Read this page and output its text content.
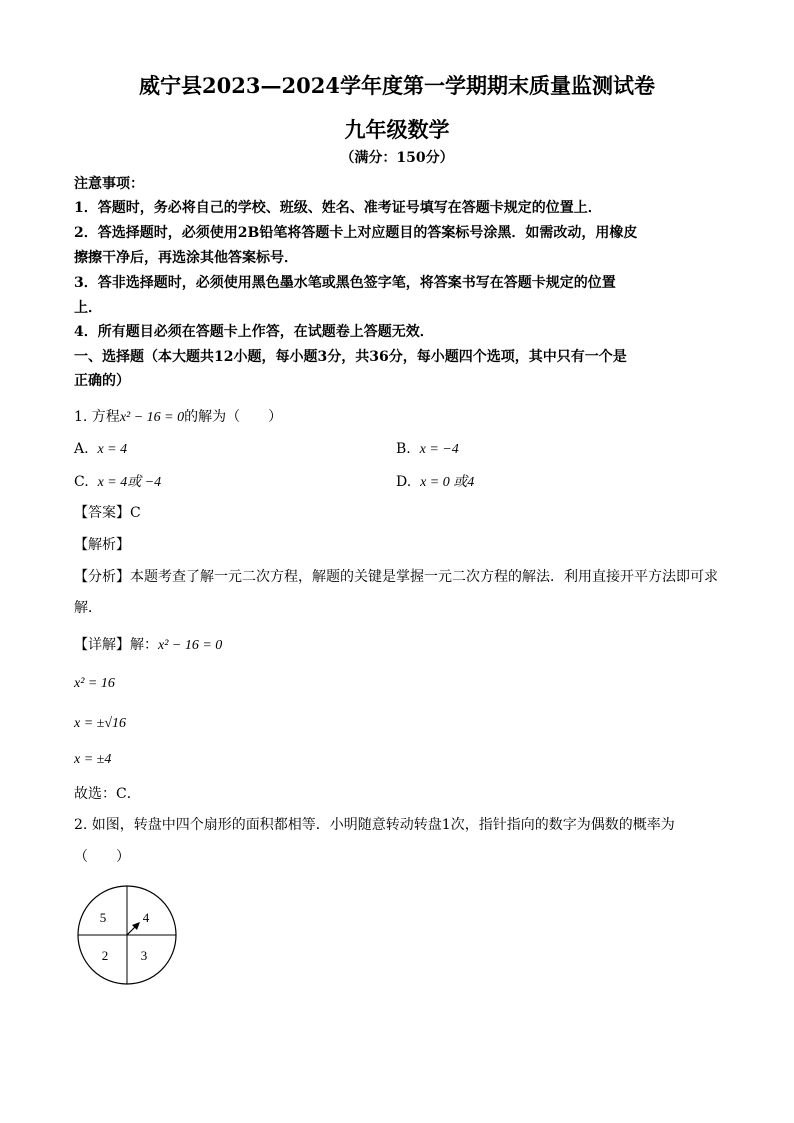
威宁县2023—2024学年度第一学期期末质量监测试卷
九年级数学
（满分：150分）
注意事项：
1．答题时，务必将自己的学校、班级、姓名、准考证号填写在答题卡规定的位置上．
2．答选择题时，必须使用2B铅笔将答题卡上对应题目的答案标号涂黑．如需改动，用橡皮
擦擦干净后，再选涂其他答案标号．
3．答非选择题时，必须使用黑色墨水笔或黑色签字笔，将答案书写在答题卡规定的位置
上．
4．所有题目必须在答题卡上作答，在试题卷上答题无效．
一、选择题（本大题共12小题，每小题3分，共36分，每小题四个选项，其中只有一个是
正确的）
1. 方程x² − 16 = 0的解为（　　）
A. x = 4	B. x = −4
C. x = 4或 −4	D. x = 0 或4
【答案】C
【解析】
【分析】本题考查了解一元二次方程，解题的关键是掌握一元二次方程的解法．利用直接开平方法即可求
解．
【详解】解：x² − 16 = 0
x² = 16
x = ±√16
x = ±4
故选：C．
2. 如图，转盘中四个扇形的面积都相等．小明随意转动转盘1次，指针指向的数字为偶数的概率为
（　　）
5	4
2	3
